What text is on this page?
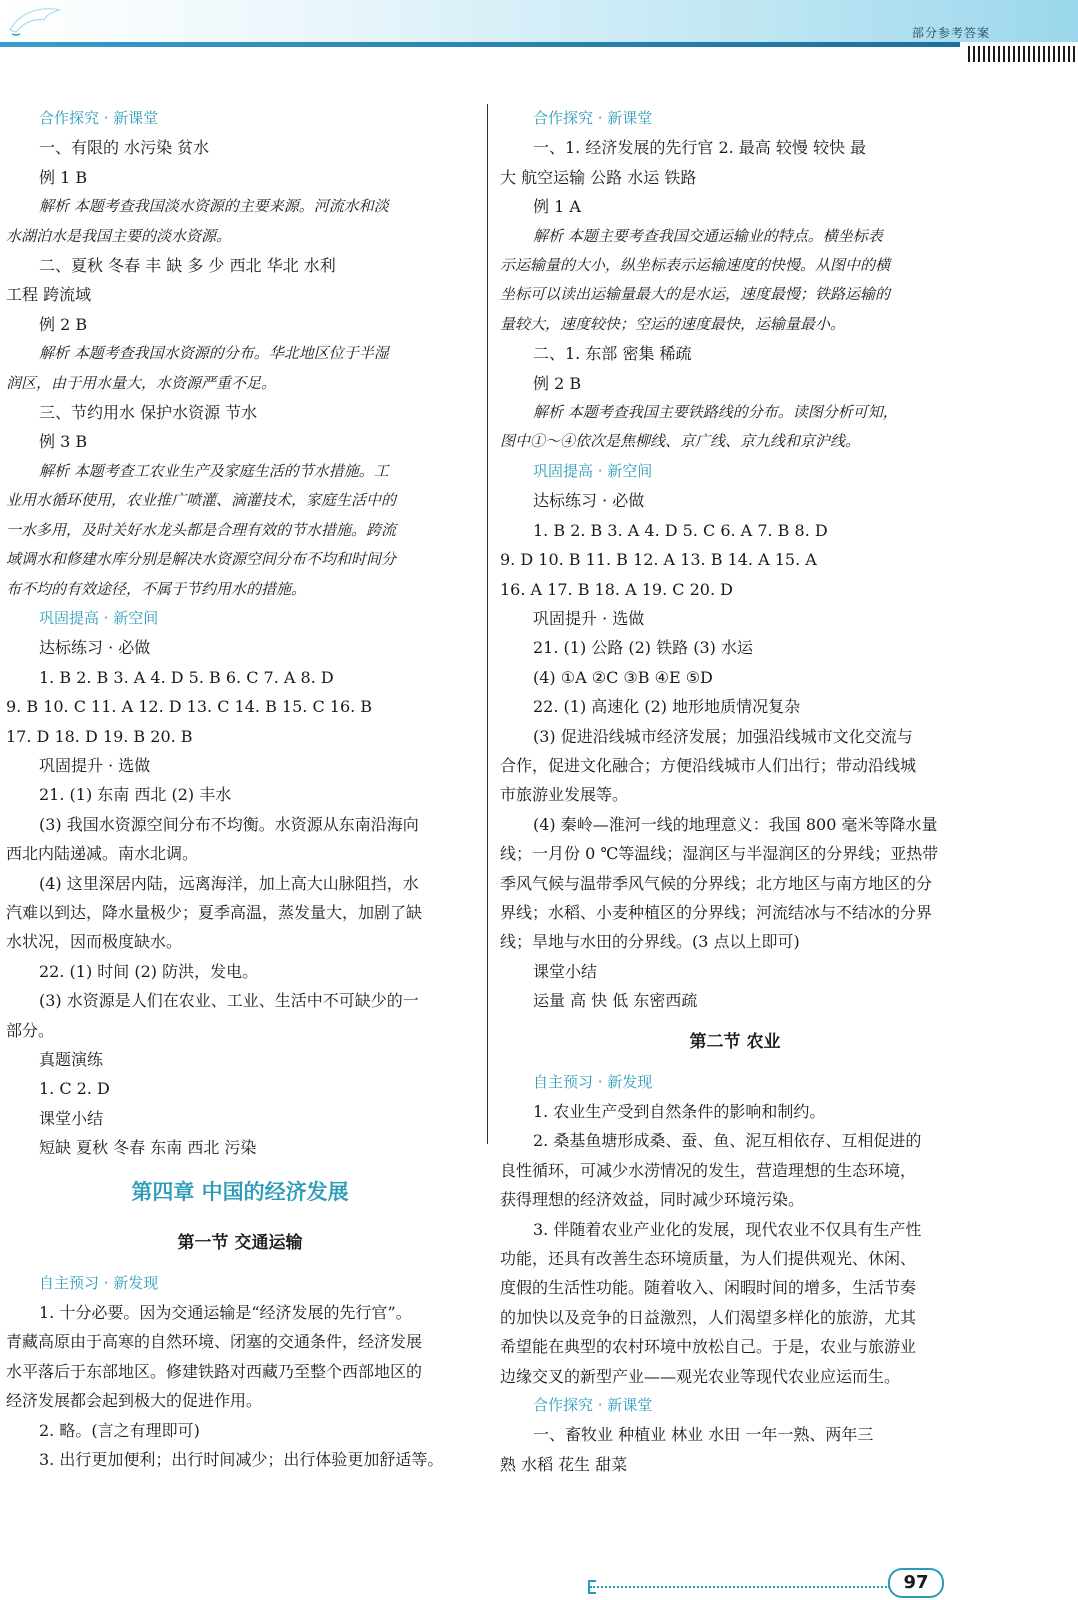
部分参考答案
合作探究 · 新课堂
一、有限的 水污染 贫水
例 1 B
解析 本题考查我国淡水资源的主要来源。河流水和淡
水湖泊水是我国主要的淡水资源。
二、夏秋 冬春 丰 缺 多 少 西北 华北 水利
工程 跨流域
例 2 B
解析 本题考查我国水资源的分布。华北地区位于半湿
润区，由于用水量大，水资源严重不足。
三、节约用水 保护水资源 节水
例 3 B
解析 本题考查工农业生产及家庭生活的节水措施。工
业用水循环使用，农业推广喷灌、滴灌技术，家庭生活中的
一水多用，及时关好水龙头都是合理有效的节水措施。跨流
域调水和修建水库分别是解决水资源空间分布不均和时间分
布不均的有效途径，不属于节约用水的措施。
巩固提高 · 新空间
达标练习 · 必做
1. B 2. B 3. A 4. D 5. B 6. C 7. A 8. D
9. B 10. C 11. A 12. D 13. C 14. B 15. C 16. B
17. D 18. D 19. B 20. B
巩固提升 · 选做
21. (1) 东南 西北 (2) 丰水
(3) 我国水资源空间分布不均衡。水资源从东南沿海向
西北内陆递减。南水北调。
(4) 这里深居内陆，远离海洋，加上高大山脉阻挡，水
汽难以到达，降水量极少；夏季高温，蒸发量大，加剧了缺
水状况，因而极度缺水。
22. (1) 时间 (2) 防洪，发电。
(3) 水资源是人们在农业、工业、生活中不可缺少的一
部分。
真题演练
1. C 2. D
课堂小结
短缺 夏秋 冬春 东南 西北 污染
第四章 中国的经济发展
第一节 交通运输
自主预习 · 新发现
1. 十分必要。因为交通运输是“经济发展的先行官”。
青藏高原由于高寒的自然环境、闭塞的交通条件，经济发展
水平落后于东部地区。修建铁路对西藏乃至整个西部地区的
经济发展都会起到极大的促进作用。
2. 略。(言之有理即可)
3. 出行更加便利；出行时间减少；出行体验更加舒适等。
合作探究 · 新课堂
一、1. 经济发展的先行官 2. 最高 较慢 较快 最
大 航空运输 公路 水运 铁路
例 1 A
解析 本题主要考查我国交通运输业的特点。横坐标表
示运输量的大小，纵坐标表示运输速度的快慢。从图中的横
坐标可以读出运输量最大的是水运，速度最慢；铁路运输的
量较大，速度较快；空运的速度最快，运输量最小。
二、1. 东部 密集 稀疏
例 2 B
解析 本题考查我国主要铁路线的分布。读图分析可知，
图中①～④依次是焦柳线、京广线、京九线和京沪线。
巩固提高 · 新空间
达标练习 · 必做
1. B 2. B 3. A 4. D 5. C 6. A 7. B 8. D
9. D 10. B 11. B 12. A 13. B 14. A 15. A
16. A 17. B 18. A 19. C 20. D
巩固提升 · 选做
21. (1) 公路 (2) 铁路 (3) 水运
(4) ①A ②C ③B ④E ⑤D
22. (1) 高速化 (2) 地形地质情况复杂
(3) 促进沿线城市经济发展；加强沿线城市文化交流与
合作，促进文化融合；方便沿线城市人们出行；带动沿线城
市旅游业发展等。
(4) 秦岭—淮河一线的地理意义：我国 800 毫米等降水量
线；一月份 0 ℃等温线；湿润区与半湿润区的分界线；亚热带
季风气候与温带季风气候的分界线；北方地区与南方地区的分
界线；水稻、小麦种植区的分界线；河流结冰与不结冰的分界
线；旱地与水田的分界线。(3 点以上即可)
课堂小结
运量 高 快 低 东密西疏
第二节 农业
自主预习 · 新发现
1. 农业生产受到自然条件的影响和制约。
2. 桑基鱼塘形成桑、蚕、鱼、泥互相依存、互相促进的
良性循环，可减少水涝情况的发生，营造理想的生态环境，
获得理想的经济效益，同时减少环境污染。
3. 伴随着农业产业化的发展，现代农业不仅具有生产性
功能，还具有改善生态环境质量，为人们提供观光、休闲、
度假的生活性功能。随着收入、闲暇时间的增多，生活节奏
的加快以及竞争的日益激烈，人们渴望多样化的旅游，尤其
希望能在典型的农村环境中放松自己。于是，农业与旅游业
边缘交叉的新型产业——观光农业等现代农业应运而生。
合作探究 · 新课堂
一、畜牧业 种植业 林业 水田 一年一熟、两年三
熟 水稻 花生 甜菜
97
